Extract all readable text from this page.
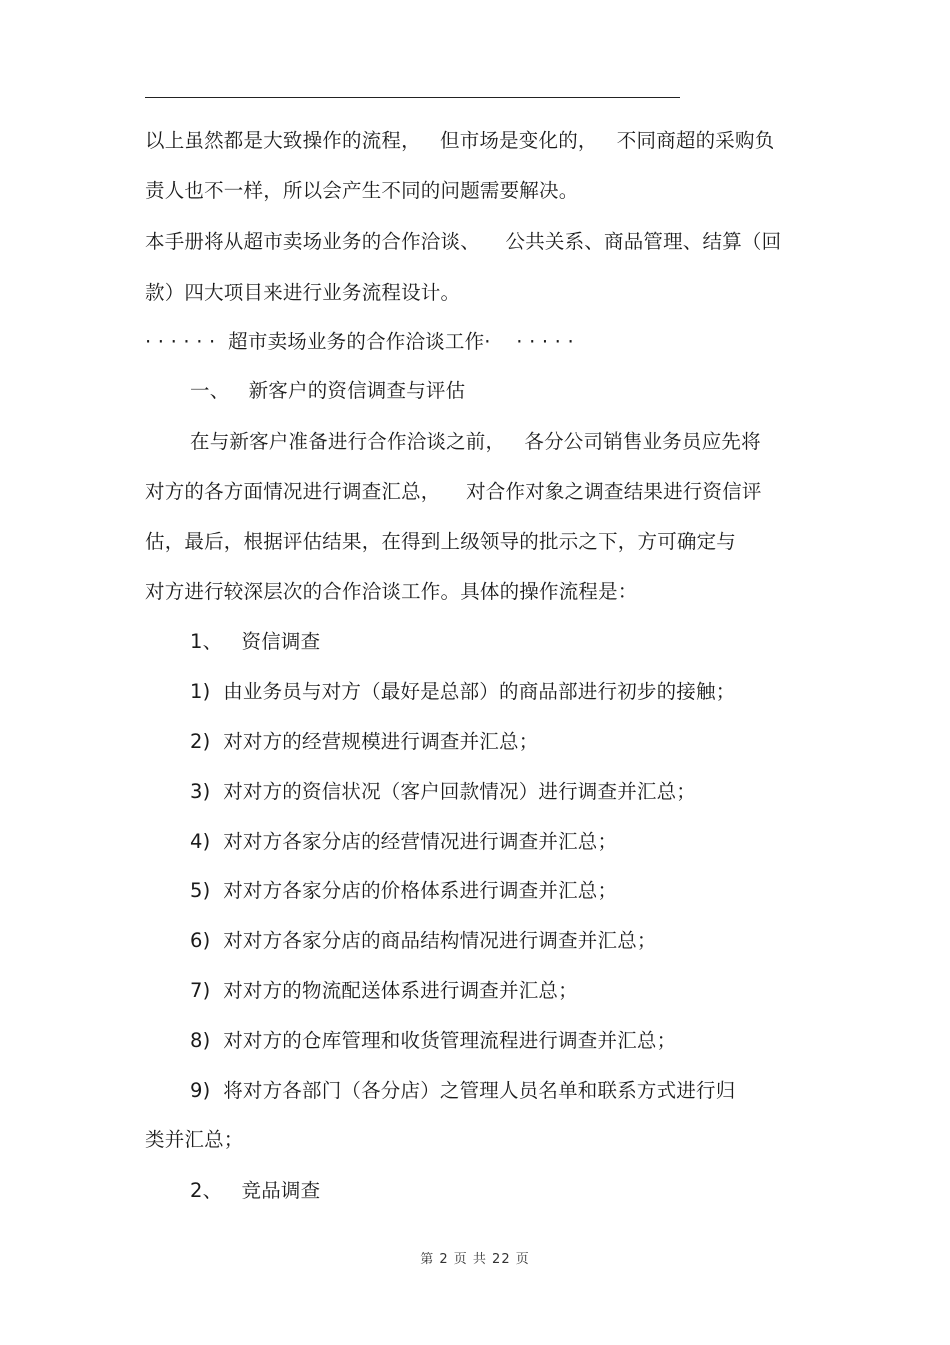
以上虽然都是大致操作的流程，   但市场是变化的，   不同商超的采购负
责人也不一样，所以会产生不同的问题需要解决。
本手册将从超市卖场业务的合作洽谈、    公共关系、商品管理、结算（回
款）四大项目来进行业务流程设计。
· · · · · ·  超市卖场业务的合作洽谈工作·    · · · · ·
一、   新客户的资信调查与评估
在与新客户准备进行合作洽谈之前，   各分公司销售业务员应先将
对方的各方面情况进行调查汇总，    对合作对象之调查结果进行资信评
估，最后，根据评估结果，在得到上级领导的批示之下，方可确定与
对方进行较深层次的合作洽谈工作。具体的操作流程是：
1、   资信调查
1)  由业务员与对方（最好是总部）的商品部进行初步的接触；
2)  对对方的经营规模进行调查并汇总；
3)  对对方的资信状况（客户回款情况）进行调查并汇总；
4)  对对方各家分店的经营情况进行调查并汇总；
5)  对对方各家分店的价格体系进行调查并汇总；
6)  对对方各家分店的商品结构情况进行调查并汇总；
7)  对对方的物流配送体系进行调查并汇总；
8)  对对方的仓库管理和收货管理流程进行调查并汇总；
9)  将对方各部门（各分店）之管理人员名单和联系方式进行归
类并汇总；
2、   竞品调查
第 2 页 共 22 页
